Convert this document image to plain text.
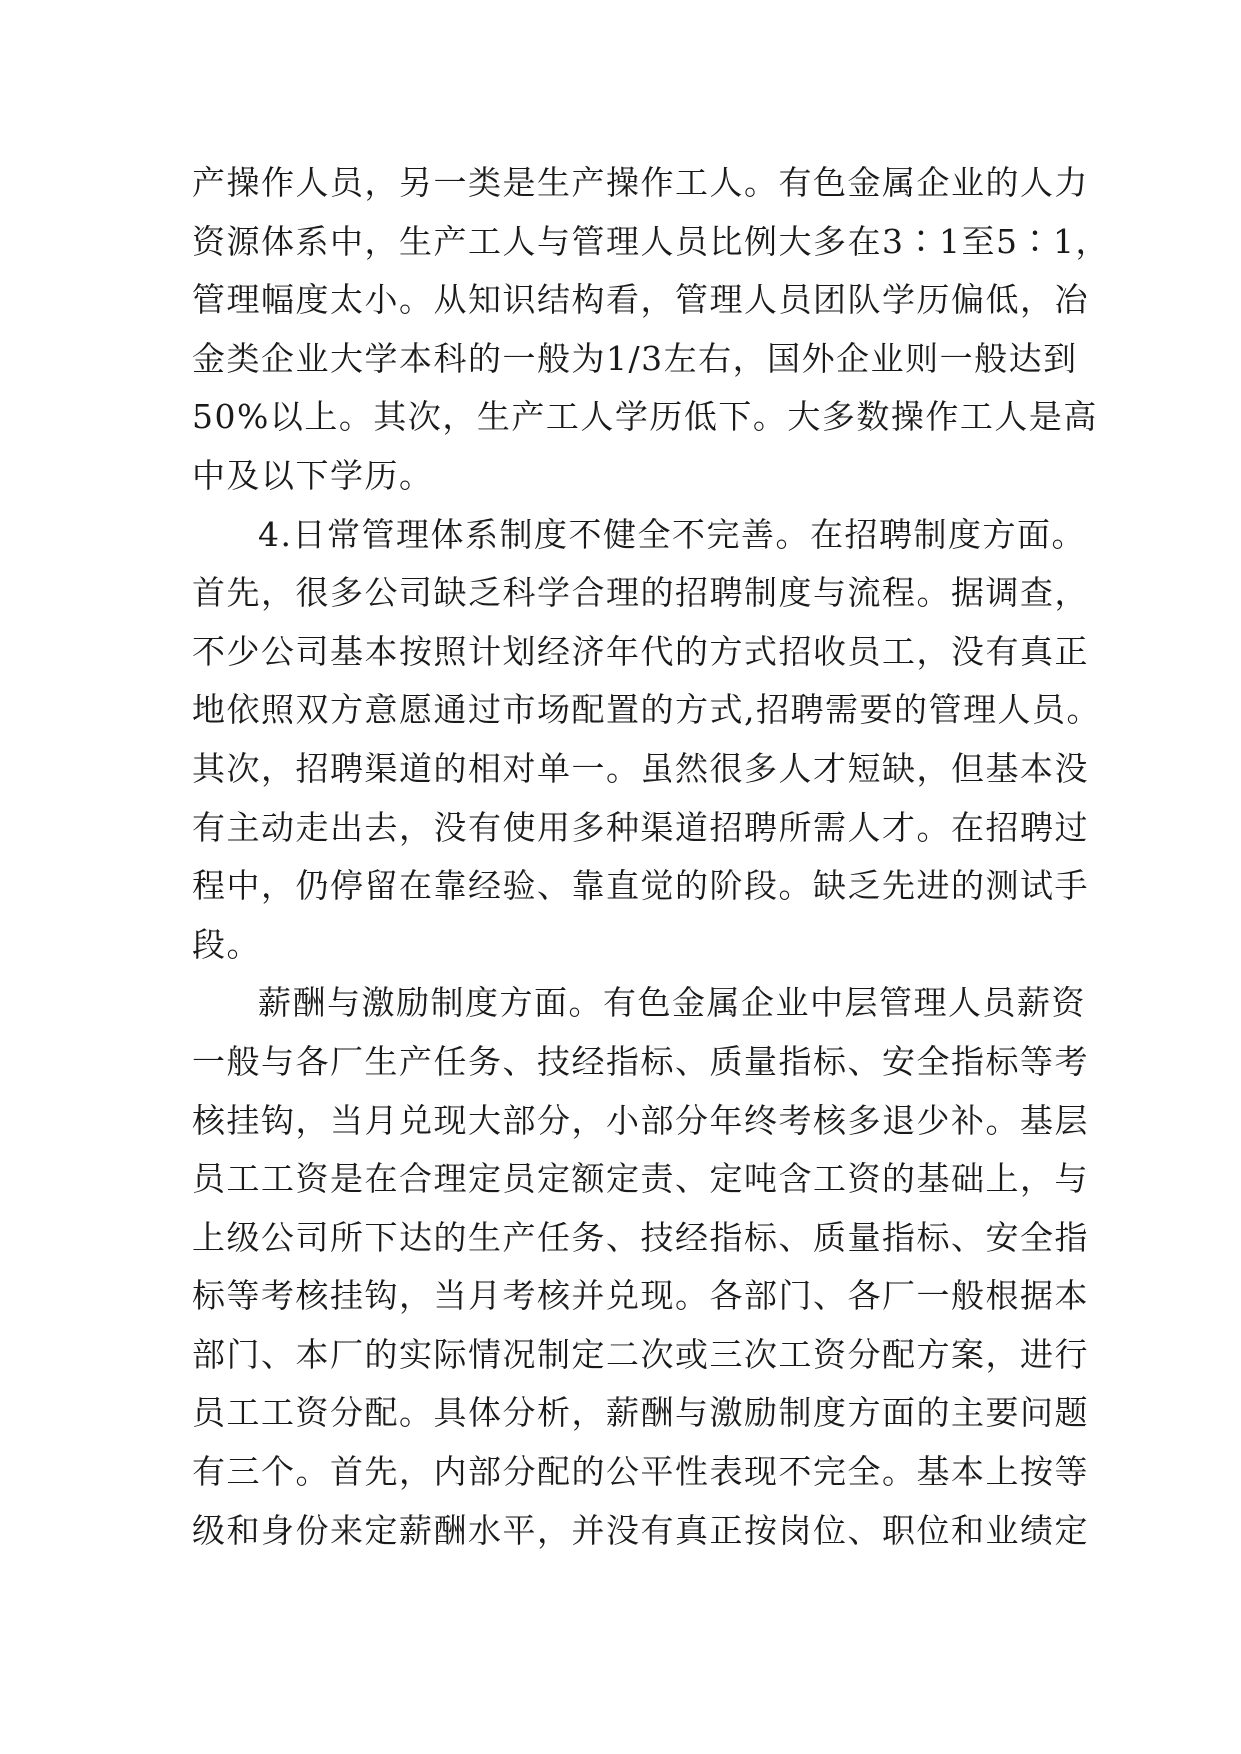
产操作人员，另一类是生产操作工人。有色金属企业的人力
资源体系中，生产工人与管理人员比例大多在3∶1至5∶1，
管理幅度太小。从知识结构看，管理人员团队学历偏低，冶
金类企业大学本科的一般为1/3左右，国外企业则一般达到
50%以上。其次，生产工人学历低下。大多数操作工人是高
中及以下学历。
4.日常管理体系制度不健全不完善。在招聘制度方面。
首先，很多公司缺乏科学合理的招聘制度与流程。据调查，
不少公司基本按照计划经济年代的方式招收员工，没有真正
地依照双方意愿通过市场配置的方式,招聘需要的管理人员。
其次，招聘渠道的相对单一。虽然很多人才短缺，但基本没
有主动走出去，没有使用多种渠道招聘所需人才。在招聘过
程中，仍停留在靠经验、靠直觉的阶段。缺乏先进的测试手
段。
薪酬与激励制度方面。有色金属企业中层管理人员薪资
一般与各厂生产任务、技经指标、质量指标、安全指标等考
核挂钩，当月兑现大部分，小部分年终考核多退少补。基层
员工工资是在合理定员定额定责、定吨含工资的基础上，与
上级公司所下达的生产任务、技经指标、质量指标、安全指
标等考核挂钩，当月考核并兑现。各部门、各厂一般根据本
部门、本厂的实际情况制定二次或三次工资分配方案，进行
员工工资分配。具体分析，薪酬与激励制度方面的主要问题
有三个。首先，内部分配的公平性表现不完全。基本上按等
级和身份来定薪酬水平，并没有真正按岗位、职位和业绩定
